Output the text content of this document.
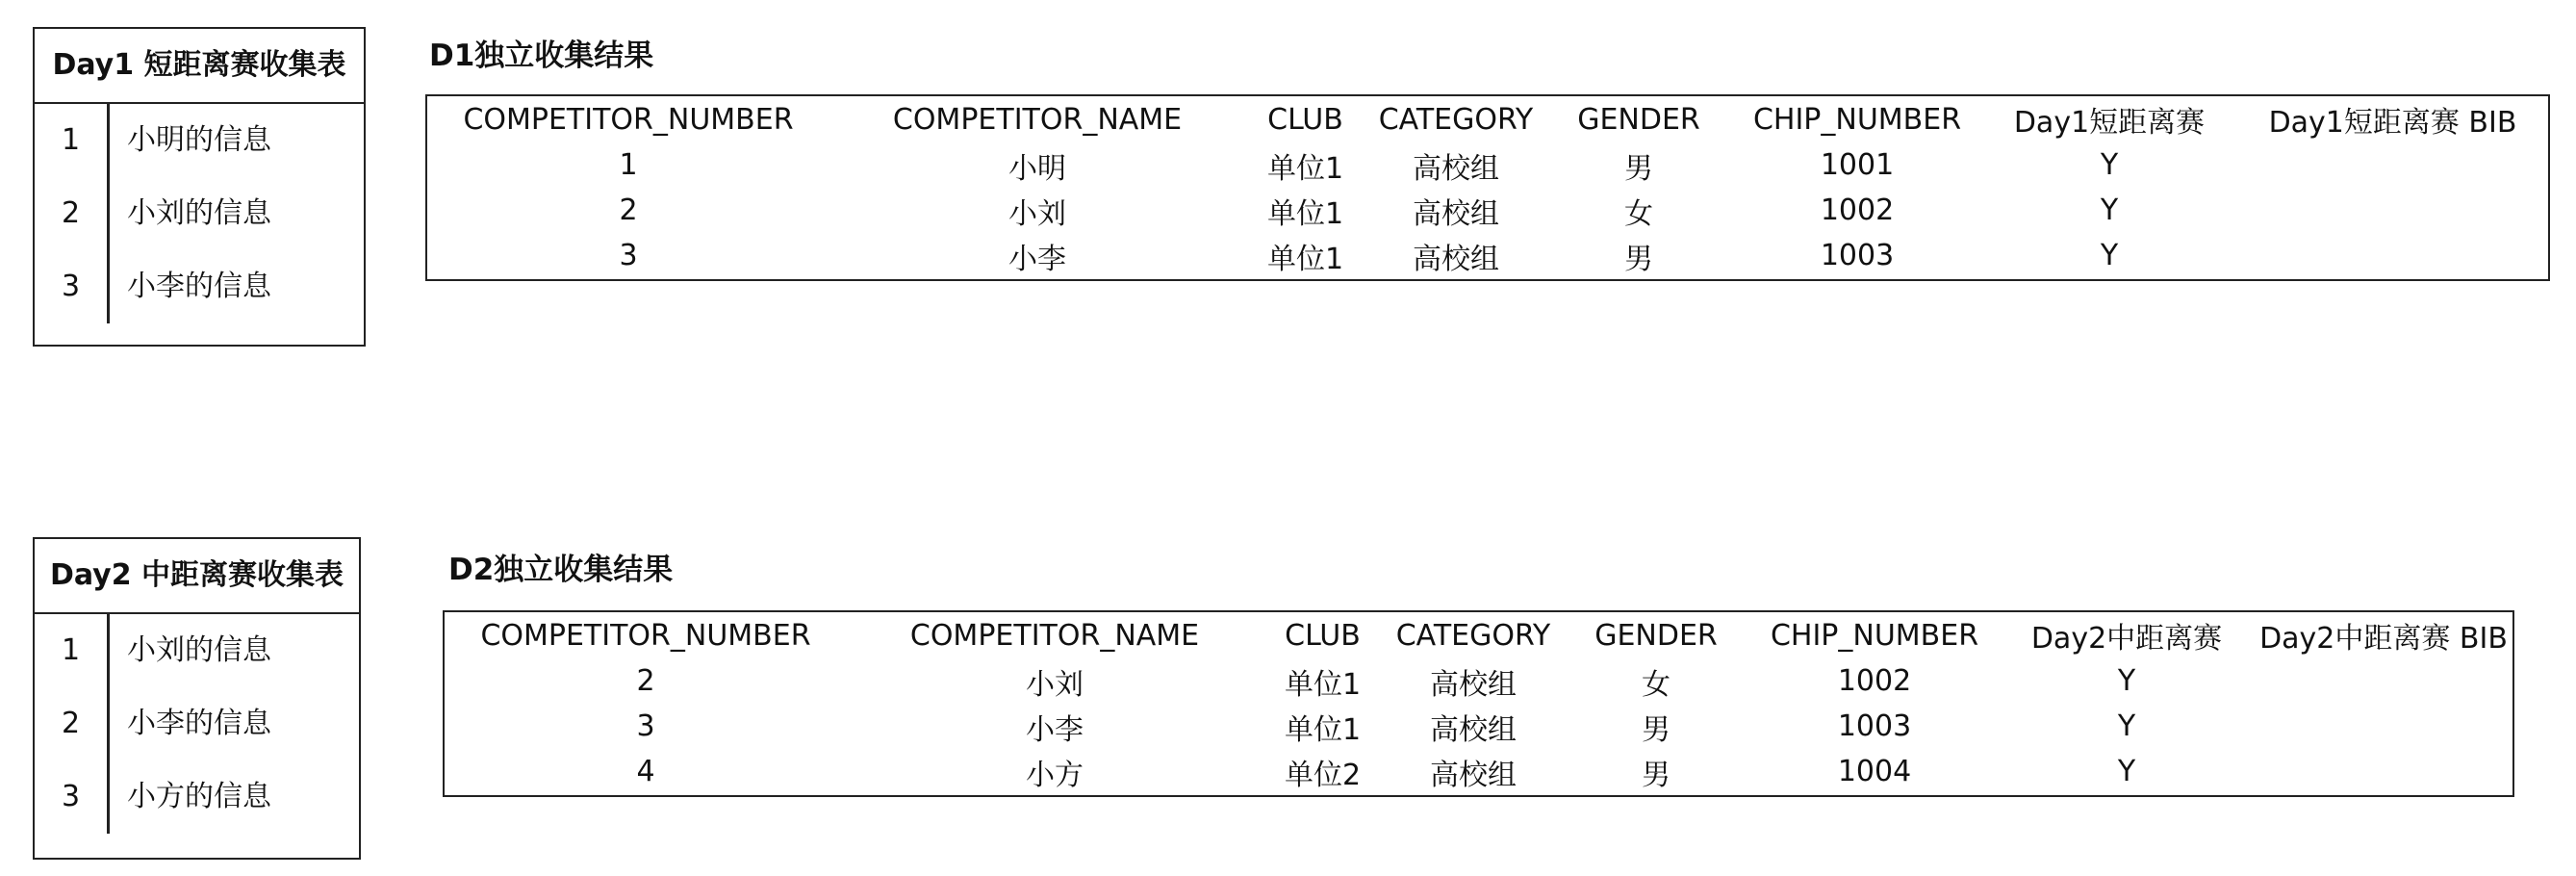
Day1 短距离赛收集表
1	小明的信息
2	小刘的信息
3	小李的信息
D1独立收集结果
COMPETITOR_NUMBER	COMPETITOR_NAME	CLUB	CATEGORY	GENDER	CHIP_NUMBER	Day1短距离赛	Day1短距离赛 BIB
1	小明	单位1	高校组	男	1001	Y	
2	小刘	单位1	高校组	女	1002	Y	
3	小李	单位1	高校组	男	1003	Y	
Day2 中距离赛收集表
1	小刘的信息
2	小李的信息
3	小方的信息
D2独立收集结果
COMPETITOR_NUMBER	COMPETITOR_NAME	CLUB	CATEGORY	GENDER	CHIP_NUMBER	Day2中距离赛	Day2中距离赛 BIB
2	小刘	单位1	高校组	女	1002	Y	
3	小李	单位1	高校组	男	1003	Y	
4	小方	单位2	高校组	男	1004	Y	
